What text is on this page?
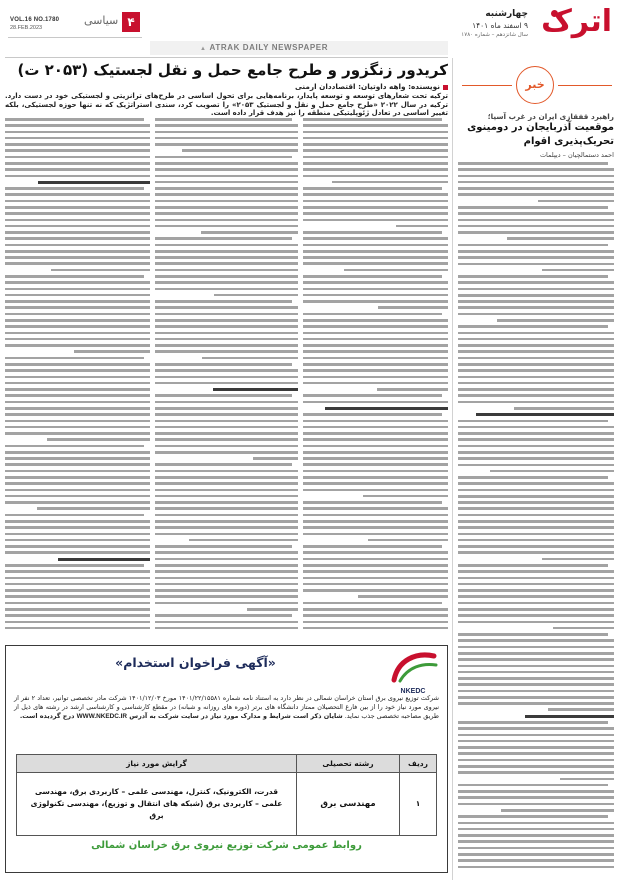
VOL.16 NO.1780
28.FEB.2023
سیاسی ۴
▲ ATRAK DAILY NEWSPAPER
چهارشنبه
۹ اسفند ماه ۱۴۰۱
سال شانزدهم – شماره ۱۷۸۰ اترک
کریدور زنگزور و طرح جامع حمل و نقل لجستیک (۲۰۵۳ ت)
نویسنده: واهه داوتیان: اقتصاددان ارمنی
ترکیه تحت شعارهای توسعه و توسعه پایدار، برنامه‌هایی برای تحول اساسی در طرح‌های ترانزیتی و لجستیکی خود در دست دارد. ترکیه در سال ۲۰۲۲ «طرح جامع حمل و نقل و لجستیک ۲۰۵۳» را تصویب کرد، سندی استراتژیک که نه تنها حوزه لجستیکی، بلکه تغییر اساسی در تعادل ژئوپلیتیکی منطقه را نیز هدف قرار داده است.
خبر
راهبرد قفقازی ایران در غرب آسیا؛
موقعیت آذربایجان در دومینوی
تحریک‌پذیری اقوام
احمد دستمالچیان – دیپلمات
«آگهی فراخوان استخدام»
NKEDC
شرکت توزیع نیروی برق استان خراسان شمالی در نظر دارد به استناد نامه شماره ۱۴۰۱/۲۲/۱۵۵۸۱ مورخ ۱۴۰۱/۱۲/۰۳ شرکت مادر تخصصی توانیر، تعداد ۲ نفر از نیروی مورد نیاز خود را از بین فارغ التحصیلان ممتاز دانشگاه های برتر (دوره های روزانه و شبانه) در مقطع کارشناسی و کارشناسی ارشد در رشته های ذیل از طریق مصاحبه تخصصی جذب نماید. شایان ذکر است شرایط و مدارک مورد نیاز در سایت شرکت به آدرس WWW.NKEDC.IR درج گردیده است.
ردیف	رشته تحصیلی	گرایش مورد نیاز
۱	مهندسی برق	قدرت، الکترونیک، کنترل، مهندسی علمی – کاربردی برق، مهندسی علمی – کاربردی برق (شبکه های انتقال و توزیع)، مهندسی تکنولوژی برق
روابط عمومی شرکت توزیع نیروی برق خراسان شمالی
